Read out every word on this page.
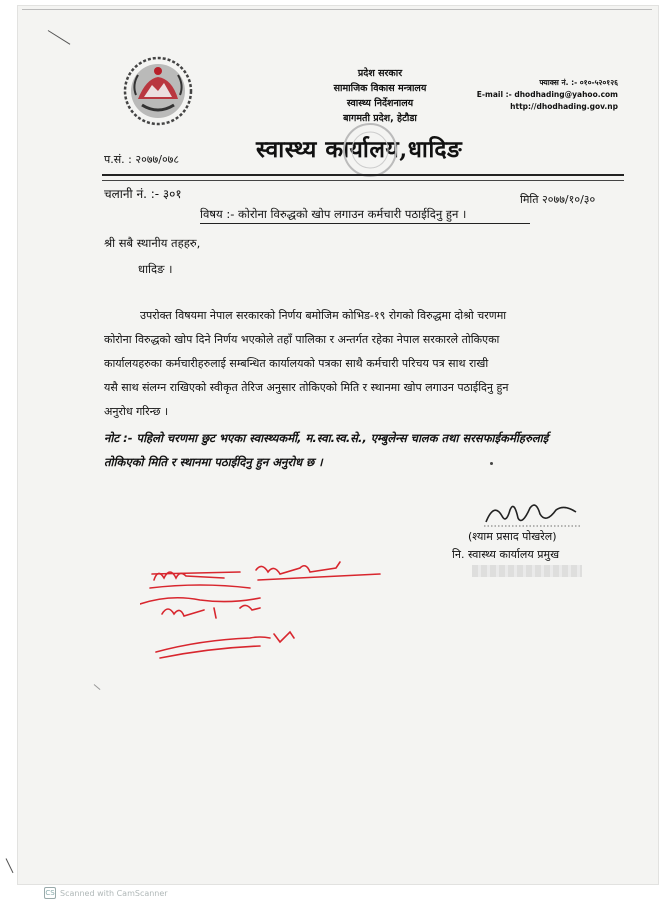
प्रदेश सरकार
सामाजिक विकास मन्त्रालय
स्वास्थ्य निर्देशनालय
बागमती प्रदेश, हेटौडा
फ्याक्स नं. :- ०१०-५२०१२६
E-mail :- dhodhading@yahoo.com
http://dhodhading.gov.np
स्वास्थ्य कार्यालय,धादिङ
प.सं. : २०७७/०७८
चलानी नं. :- ३०१	मिति २०७७/१०/३०
विषय :- कोरोना विरुद्धको खोप लगाउन कर्मचारी पठाईदिनु हुन ।
श्री सबै स्थानीय तहहरु,
धादिङ ।
उपरोक्त विषयमा नेपाल सरकारको निर्णय बमोजिम कोभिड-१९ रोगको विरुद्धमा दोश्रो चरणमा
कोरोना विरुद्धको खोप दिने निर्णय भएकोले तहाँ पालिका र अन्तर्गत रहेका नेपाल सरकारले तोकिएका
कार्यालयहरुका कर्मचारीहरुलाई सम्बन्धित कार्यालयको पत्रका साथै कर्मचारी परिचय पत्र साथ राखी
यसै साथ संलग्न राखिएको स्वीकृत तेरिज अनुसार तोकिएको मिति र स्थानमा खोप लगाउन पठाईदिनु हुन
अनुरोध गरिन्छ ।
नोट :- पहिलो चरणमा छुट भएका स्वास्थ्यकर्मी, म.स्वा.स्व.से., एम्बुलेन्स चालक तथा सरसफाईकर्मीहरुलाई
तोकिएको मिति र स्थानमा पठाईदिनु हुन अनुरोध छ ।
(श्याम प्रसाद पोखरेल)
नि. स्वास्थ्य कार्यालय प्रमुख
CS Scanned with CamScanner
